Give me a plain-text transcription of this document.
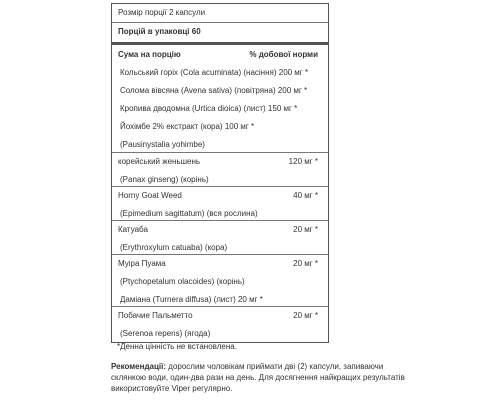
Розмір порції 2 капсули
Порцій в упаковці 60
Сума на порцію	% добової норми
Кольський горіх (Cola acuminata) (насіння) 200 мг *
Солома вівсяна (Avena sativa) (повітряна) 200 мг *
Кропива дводомна (Urtica dioica) (лист) 150 мг *
Йохімбе 2% екстракт (кора) 100 мг *
(Pausinystalia yohimbe)
корейський женьшень	120 мг *
(Panax ginseng) (корінь)
Horny Goat Weed	40 мг *
(Epimedium sagittatum) (вся рослина)
Катуаба	20 мг *
(Erythroxylum catuaba) (кора)
Муіра Пуама	20 мг *
(Ptychopetalum olacoides) (корінь)
Даміана (Turnera diffusa) (лист) 20 мг *
Побачие Пальметто	20 мг *
(Serenoa repens) (ягода)
*Денна цінність не встановлена.
Рекомендації: дорослим чоловікам приймати дві (2) капсули, запиваючи склянкою води, один-два рази на день. Для досягнення найкращих результатів використовуйте Viper регулярно.
